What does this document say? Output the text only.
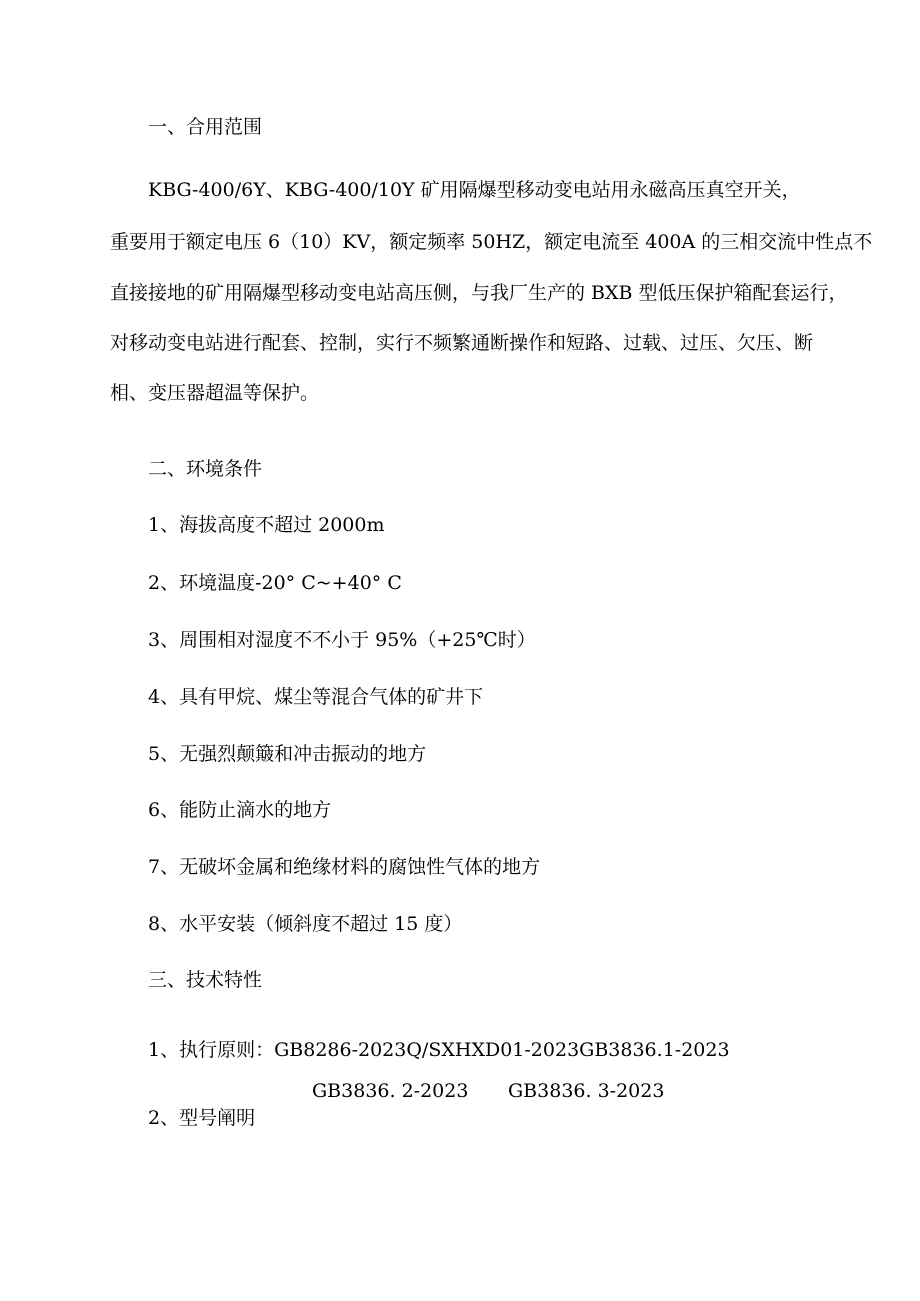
一、合用范围
KBG-400/6Y、KBG-400/10Y 矿用隔爆型移动变电站用永磁高压真空开关，
重要用于额定电压 6（10）KV，额定频率 50HZ，额定电流至 400A 的三相交流中性点不
直接接地的矿用隔爆型移动变电站高压侧，与我厂生产的 BXB 型低压保护箱配套运行，
对移动变电站进行配套、控制，实行不频繁通断操作和短路、过载、过压、欠压、断
相、变压器超温等保护。
二、环境条件
1、海拔高度不超过 2000m
2、环境温度-20° C~+40° C
3、周围相对湿度不不小于 95%（+25℃时）
4、具有甲烷、煤尘等混合气体的矿井下
5、无强烈颠簸和冲击振动的地方
6、能防止滴水的地方
7、无破坏金属和绝缘材料的腐蚀性气体的地方
8、水平安装（倾斜度不超过 15 度）
三、技术特性
1、执行原则：GB8286-2023Q/SXHXD01-2023GB3836.1-2023
GB3836. 2-2023 GB3836. 3-2023
2、型号阐明
